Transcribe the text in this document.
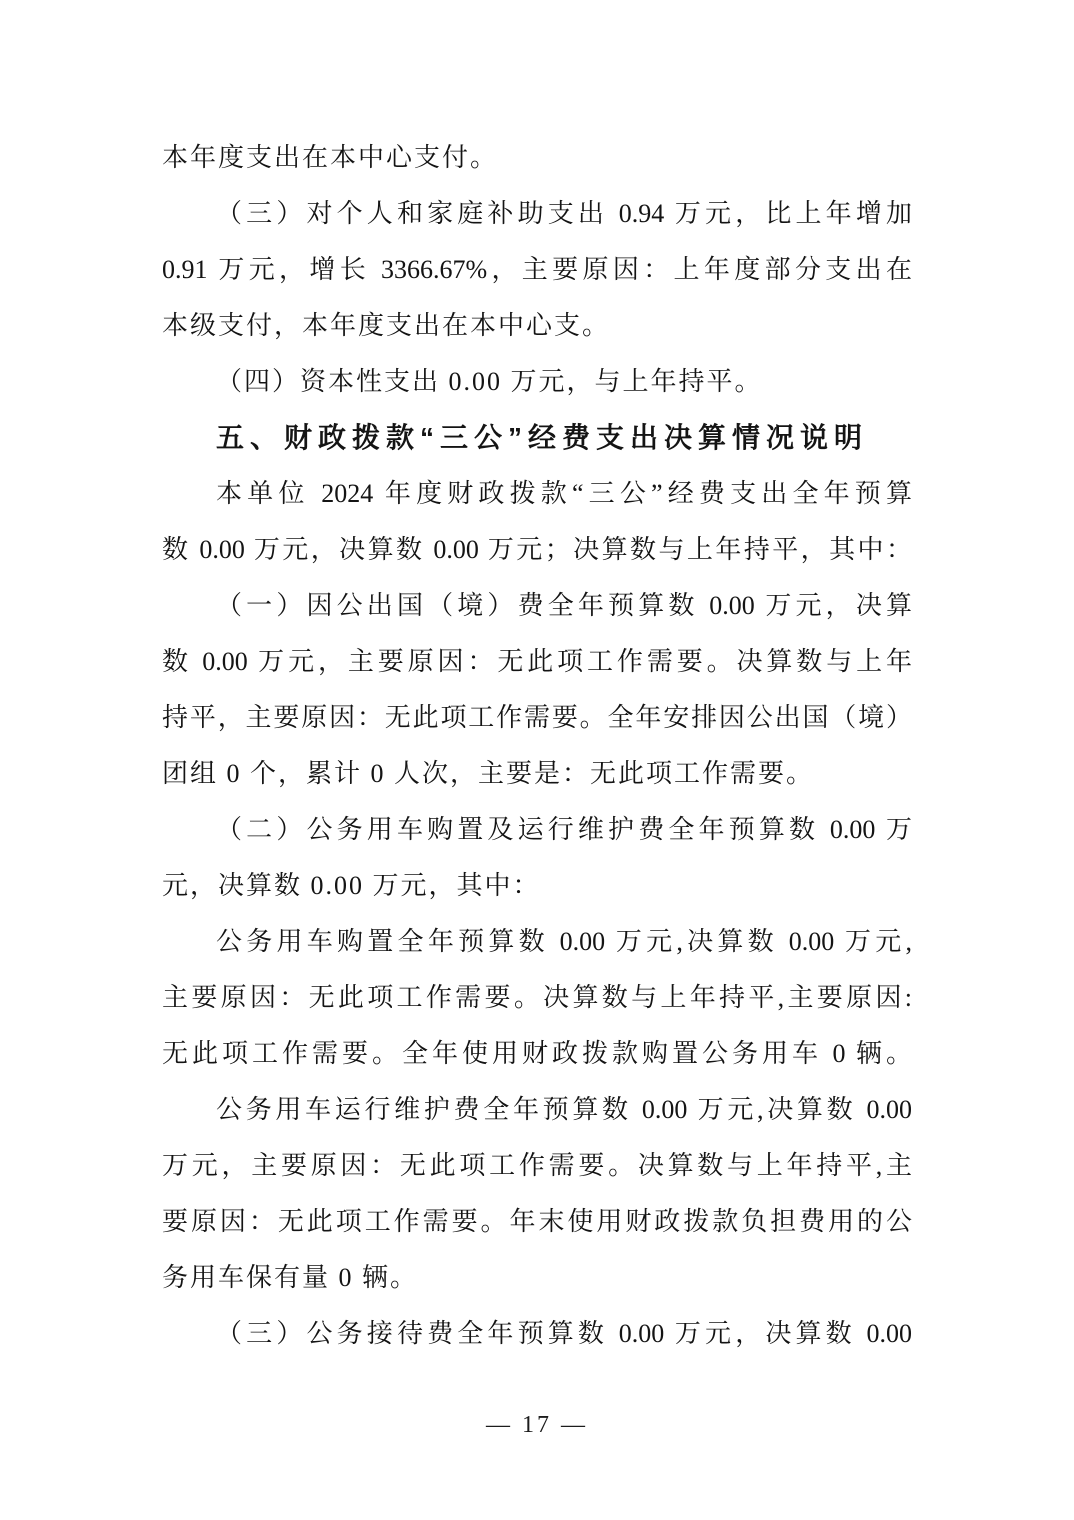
本年度支出在本中心支付。
（三）对个人和家庭补助支出 0.94 万元，比上年增加
0.91 万元，增长 3366.67%，主要原因：上年度部分支出在
本级支付，本年度支出在本中心支。
（四）资本性支出 0.00 万元，与上年持平。
五、财政拨款“三公”经费支出决算情况说明
本单位 2024 年度财政拨款“三公”经费支出全年预算
数 0.00 万元，决算数 0.00 万元；决算数与上年持平，其中：
（一）因公出国（境）费全年预算数 0.00 万元，决算
数 0.00 万元，主要原因：无此项工作需要。决算数与上年
持平，主要原因：无此项工作需要。全年安排因公出国（境）
团组 0 个，累计 0 人次，主要是：无此项工作需要。
（二）公务用车购置及运行维护费全年预算数 0.00 万
元，决算数 0.00 万元，其中：
公务用车购置全年预算数 0.00 万元,决算数 0.00 万元,
主要原因：无此项工作需要。决算数与上年持平,主要原因:
无此项工作需要。全年使用财政拨款购置公务用车 0 辆。
公务用车运行维护费全年预算数 0.00 万元,决算数 0.00
万元，主要原因：无此项工作需要。决算数与上年持平,主
要原因：无此项工作需要。年末使用财政拨款负担费用的公
务用车保有量 0 辆。
（三）公务接待费全年预算数 0.00 万元，决算数 0.00
— 17 —
